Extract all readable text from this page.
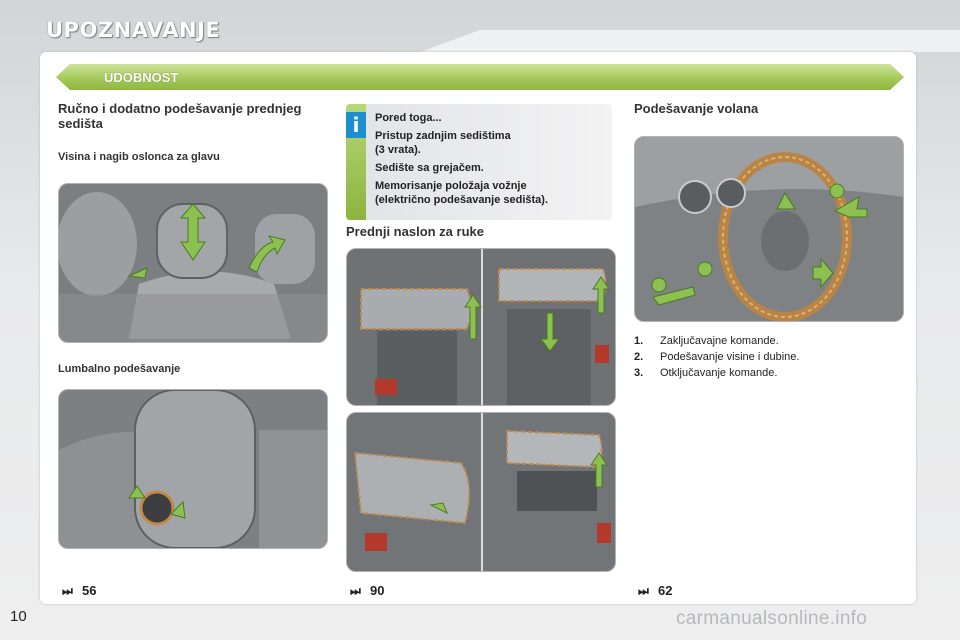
UPOZNAVANJE
UDOBNOST
Ručno i dodatno podešavanje prednjeg sedišta
Visina i nagib oslonca za glavu
Lumbalno podešavanje
⏭ 56
i	Pored toga...
Pristup zadnjim sedištima
(3 vrata).
Sedište sa grejačem.
Memorisanje položaja vožnje
(električno podešavanje sedišta).
Prednji naslon za ruke
⏭ 90
Podešavanje volana
1. Zaključavajne komande.
2. Podešavanje visine i dubine.
3. Otključavanje komande.
⏭ 62
10	carmanualsonline.info
